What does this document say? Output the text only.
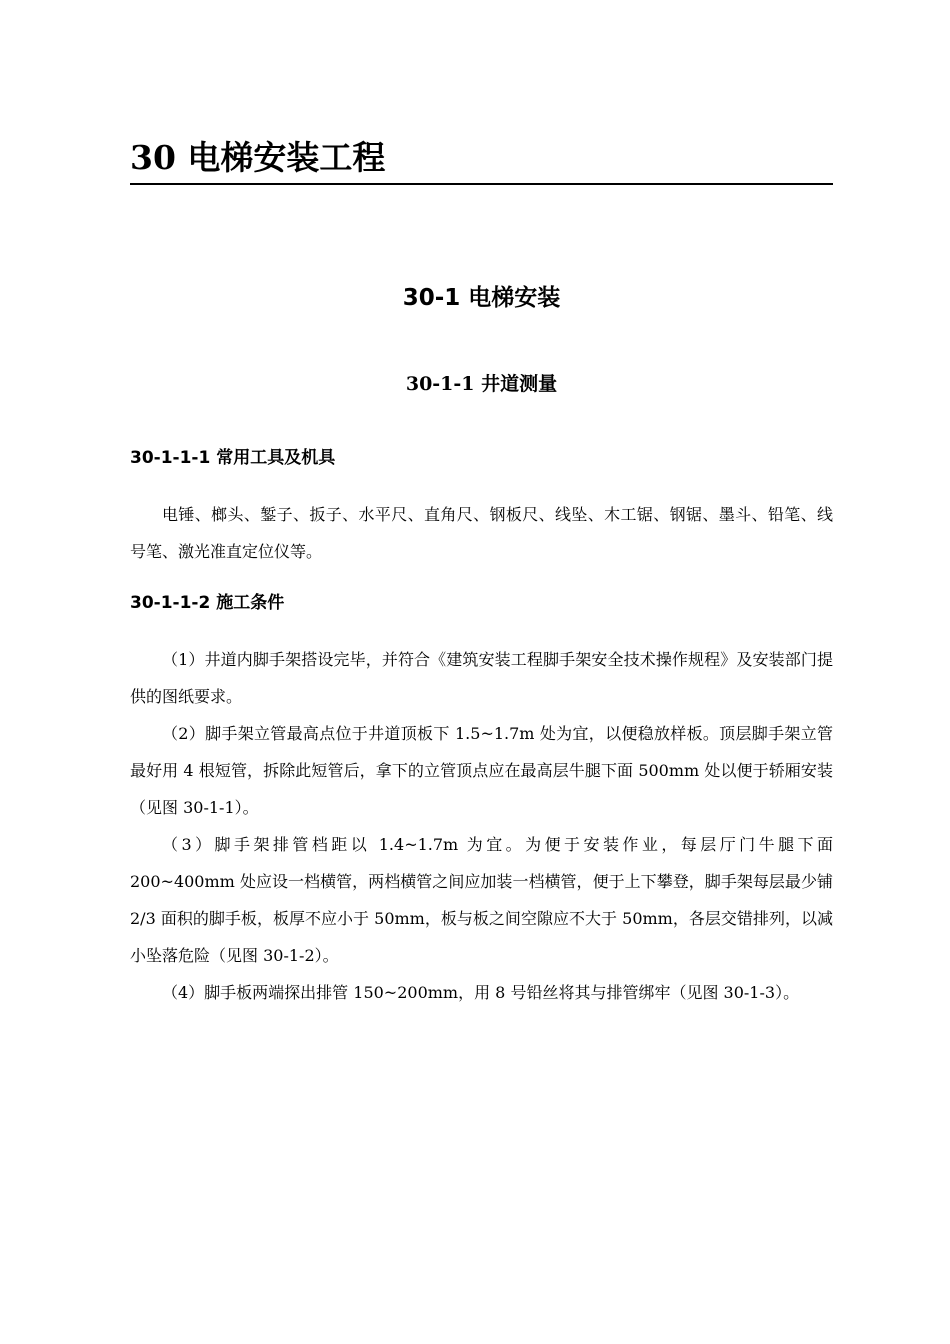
30 电梯安装工程
30-1 电梯安装
30-1-1 井道测量
30-1-1-1 常用工具及机具

电锤、榔头、錾子、扳子、水平尺、直角尺、钢板尺、线坠、木工锯、钢锯、墨斗、铅笔、线号笔、激光准直定位仪等。

30-1-1-2 施工条件

（1）井道内脚手架搭设完毕，并符合《建筑安装工程脚手架安全技术操作规程》及安装部门提供的图纸要求。

（2）脚手架立管最高点位于井道顶板下 1.5~1.7m 处为宜，以便稳放样板。顶层脚手架立管最好用 4 根短管，拆除此短管后，拿下的立管顶点应在最高层牛腿下面 500mm 处以便于轿厢安装（见图 30-1-1）。

（3）脚手架排管档距以 1.4~1.7m 为宜。为便于安装作业，每层厅门牛腿下面 200~400mm 处应设一档横管，两档横管之间应加装一档横管，便于上下攀登，脚手架每层最少铺 2/3 面积的脚手板，板厚不应小于 50mm，板与板之间空隙应不大于 50mm，各层交错排列，以减小坠落危险（见图 30-1-2）。

（4）脚手板两端探出排管 150~200mm，用 8 号铅丝将其与排管绑牢（见图 30-1-3）。
